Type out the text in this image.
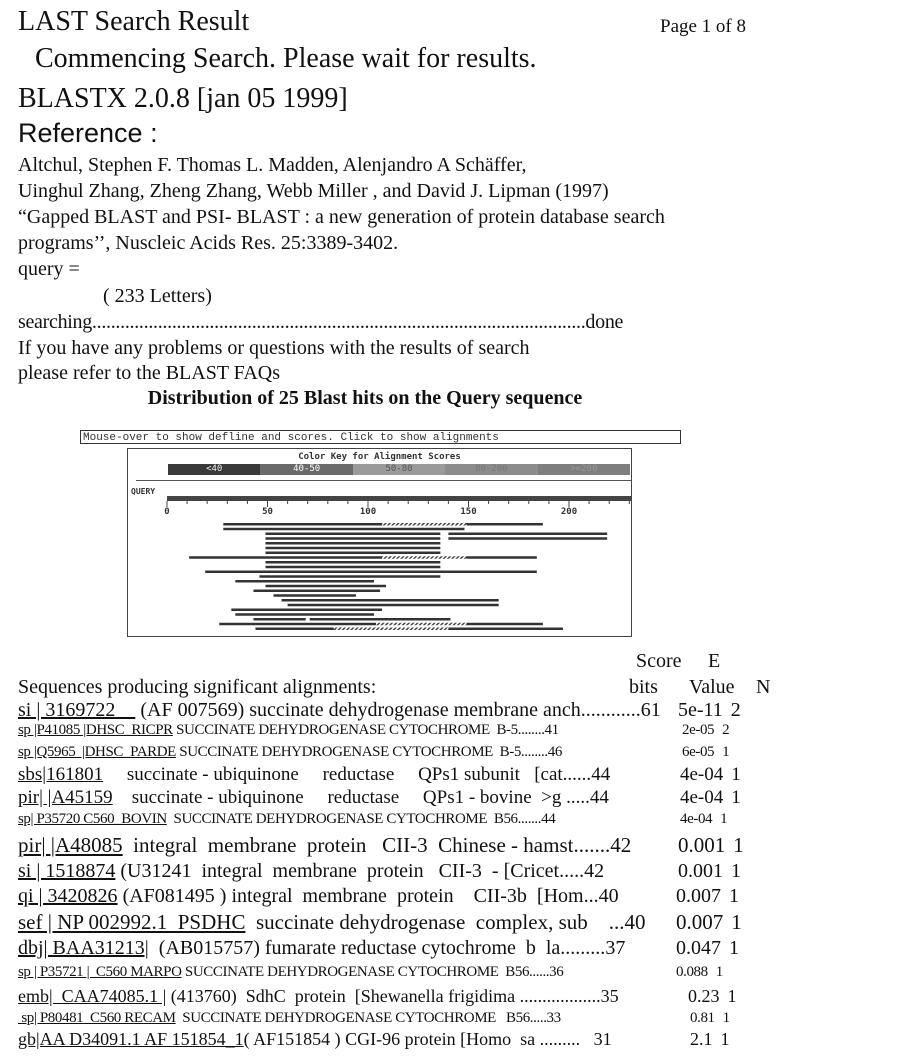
LAST Search Result	Page 1 of 8
Commencing Search. Please wait for results.
BLASTX 2.0.8 [jan 05 1999]
Reference :
Altchul, Stephen F. Thomas L. Madden, Alenjandro A Schäffer,
Uinghul Zhang, Zheng Zhang, Webb Miller , and David J. Lipman (1997)
“Gapped BLAST and PSI- BLAST : a new generation of protein database search
programs’’, Nuscleic Acids Res. 25:3389-3402.
query =
( 233 Letters)
searching.........................................................................................................done
If you have any problems or questions with the results of search
please refer to the BLAST FAQs
Distribution of 25 Blast hits on the Query sequence
Mouse-over to show defline and scores. Click to show alignments
Color Key for Alignment Scores
<40	40-50	50-80	80-200	>=200
QUERY
0	50	100	150	200
Score E
Sequences producing significant alignments:	bits Value N
si | 3169722     (AF 007569) succinate dehydrogenase membrane anch............61 5e-11 2
sp |P41085 |DHSC_RICPR SUCCINATE DEHYDROGENASE CYTOCHROME  B-5........41	2e-05 2
sp |Q5965  |DHSC_PARDE SUCCINATE DEHYDROGENASE CYTOCHROME  B-5........46	6e-05 1
sbs|161801     succinate - ubiquinone     reductase     QPs1 subunit   [cat......44	4e-04 1
pir| |A45159    succinate - ubiquinone     reductase     QPs1 - bovine  >g .....44	4e-04 1
sp| P35720 C560_BOVIN  SUCCINATE DEHYDROGENASE CYTOCHROME  B56.......44	4e-04 1
pir| |A48085  integral  membrane  protein   CII-3  Chinese - hamst.......42	0.001 1
si | 1518874 (U31241  integral  membrane  protein   CII-3  - [Cricet.....42	0.001 1
qi | 3420826 (AF081495 ) integral  membrane  protein    CII-3b  [Hom...40	0.007 1
sef | NP 002992.1  PSDHC  succinate dehydrogenase  complex, sub    ...40	0.007 1
dbj| BAA31213|  (AB015757) fumarate reductase cytochrome  b  la.........37	0.047 1
sp | P35721 |  C560 MARPO SUCCINATE DEHYDROGENASE CYTOCHROME  B56......36	0.088 1
emb|  CAA74085.1 | (413760)  SdhC  protein  [Shewanella frigidima ..................35	0.23 1
sp| P80481  C560 RECAM  SUCCINATE DEHYDROGENASE CYTOCHROME   B56.....33	0.81 1
gb|AA D34091.1 AF 151854_1( AF151854 ) CGI-96 protein [Homo  sa .........   31	2.1 1
